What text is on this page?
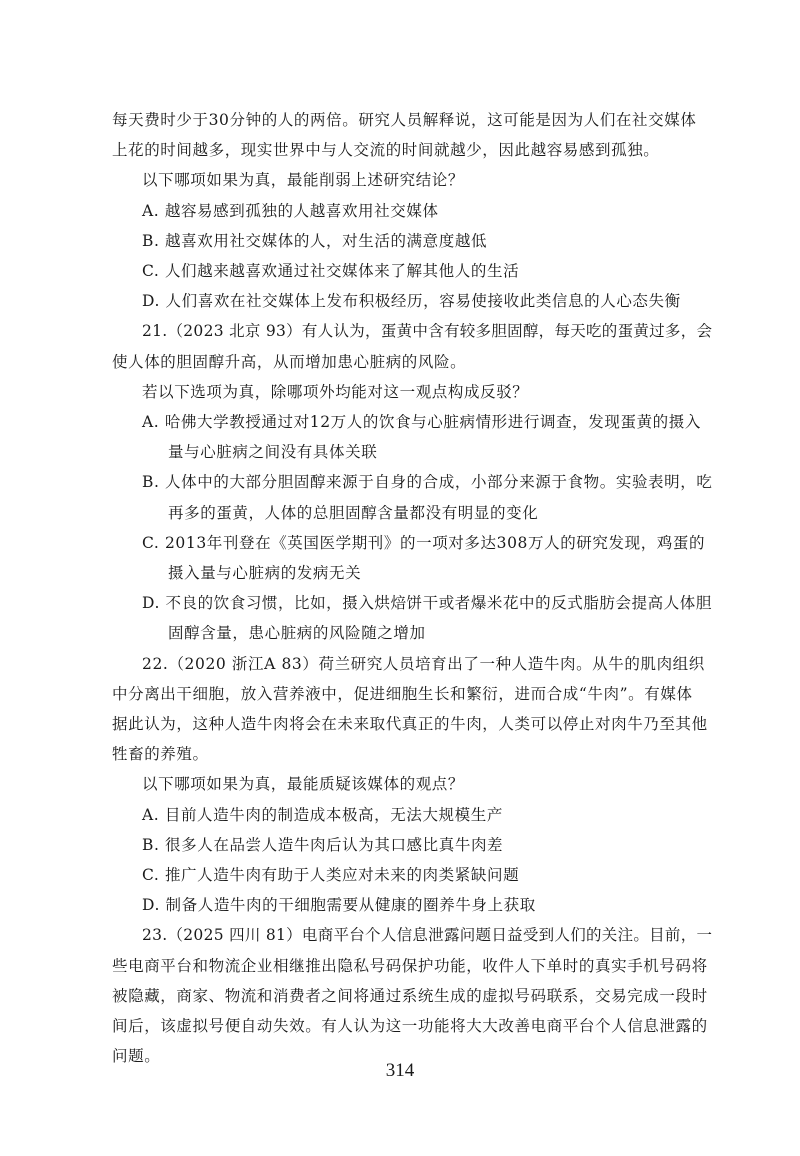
每天费时少于30分钟的人的两倍。研究人员解释说，这可能是因为人们在社交媒体
上花的时间越多，现实世界中与人交流的时间就越少，因此越容易感到孤独。
以下哪项如果为真，最能削弱上述研究结论？
A. 越容易感到孤独的人越喜欢用社交媒体
B. 越喜欢用社交媒体的人，对生活的满意度越低
C. 人们越来越喜欢通过社交媒体来了解其他人的生活
D. 人们喜欢在社交媒体上发布积极经历，容易使接收此类信息的人心态失衡
21.（2023 北京 93）有人认为，蛋黄中含有较多胆固醇，每天吃的蛋黄过多，会
使人体的胆固醇升高，从而增加患心脏病的风险。
若以下选项为真，除哪项外均能对这一观点构成反驳？
A. 哈佛大学教授通过对12万人的饮食与心脏病情形进行调查，发现蛋黄的摄入
量与心脏病之间没有具体关联
B. 人体中的大部分胆固醇来源于自身的合成，小部分来源于食物。实验表明，吃
再多的蛋黄，人体的总胆固醇含量都没有明显的变化
C. 2013年刊登在《英国医学期刊》的一项对多达308万人的研究发现，鸡蛋的
摄入量与心脏病的发病无关
D. 不良的饮食习惯，比如，摄入烘焙饼干或者爆米花中的反式脂肪会提高人体胆
固醇含量，患心脏病的风险随之增加
22.（2020 浙江A 83）荷兰研究人员培育出了一种人造牛肉。从牛的肌肉组织
中分离出干细胞，放入营养液中，促进细胞生长和繁衍，进而合成“牛肉”。有媒体
据此认为，这种人造牛肉将会在未来取代真正的牛肉，人类可以停止对肉牛乃至其他
牲畜的养殖。
以下哪项如果为真，最能质疑该媒体的观点？
A. 目前人造牛肉的制造成本极高，无法大规模生产
B. 很多人在品尝人造牛肉后认为其口感比真牛肉差
C. 推广人造牛肉有助于人类应对未来的肉类紧缺问题
D. 制备人造牛肉的干细胞需要从健康的圈养牛身上获取
23.（2025 四川 81）电商平台个人信息泄露问题日益受到人们的关注。目前，一
些电商平台和物流企业相继推出隐私号码保护功能，收件人下单时的真实手机号码将
被隐藏，商家、物流和消费者之间将通过系统生成的虚拟号码联系，交易完成一段时
间后，该虚拟号便自动失效。有人认为这一功能将大大改善电商平台个人信息泄露的
问题。
314
